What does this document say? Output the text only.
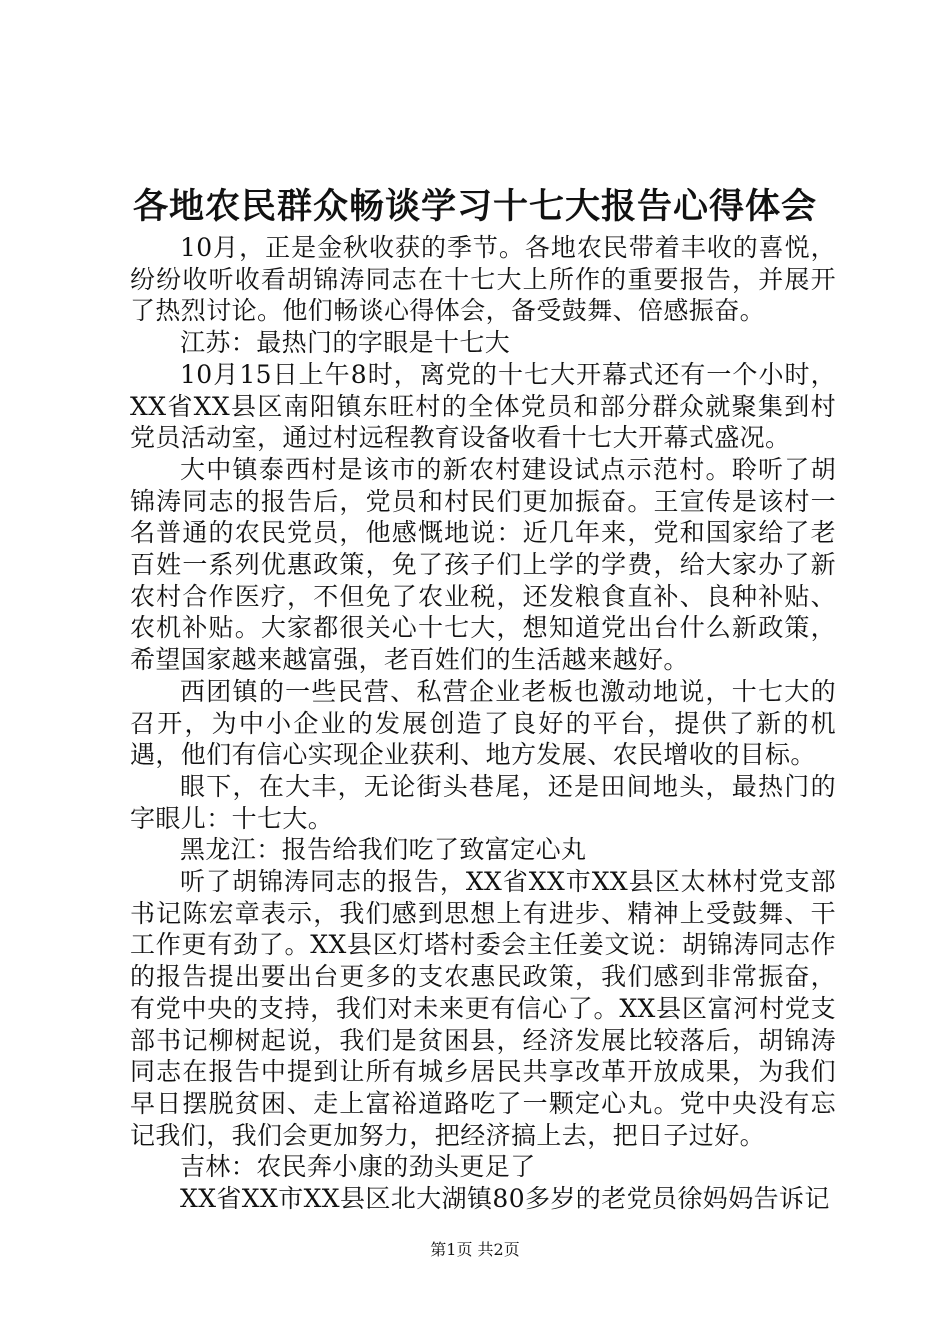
各地农民群众畅谈学习十七大报告心得体会

10月，正是金秋收获的季节。各地农民带着丰收的喜悦，纷纷收听收看胡锦涛同志在十七大上所作的重要报告，并展开了热烈讨论。他们畅谈心得体会，备受鼓舞、倍感振奋。

江苏：最热门的字眼是十七大

10月15日上午8时，离党的十七大开幕式还有一个小时，XX省XX县区南阳镇东旺村的全体党员和部分群众就聚集到村党员活动室，通过村远程教育设备收看十七大开幕式盛况。

大中镇泰西村是该市的新农村建设试点示范村。聆听了胡锦涛同志的报告后，党员和村民们更加振奋。王宣传是该村一名普通的农民党员，他感慨地说：近几年来，党和国家给了老百姓一系列优惠政策，免了孩子们上学的学费，给大家办了新农村合作医疗，不但免了农业税，还发粮食直补、良种补贴、农机补贴。大家都很关心十七大，想知道党出台什么新政策，希望国家越来越富强，老百姓们的生活越来越好。

西团镇的一些民营、私营企业老板也激动地说，十七大的召开，为中小企业的发展创造了良好的平台，提供了新的机遇，他们有信心实现企业获利、地方发展、农民增收的目标。

眼下，在大丰，无论街头巷尾，还是田间地头，最热门的字眼儿：十七大。

黑龙江：报告给我们吃了致富定心丸

听了胡锦涛同志的报告，XX省XX市XX县区太林村党支部书记陈宏章表示，我们感到思想上有进步、精神上受鼓舞、干工作更有劲了。XX县区灯塔村委会主任姜文说：胡锦涛同志作的报告提出要出台更多的支农惠民政策，我们感到非常振奋，有党中央的支持，我们对未来更有信心了。XX县区富河村党支部书记柳树起说，我们是贫困县，经济发展比较落后，胡锦涛同志在报告中提到让所有城乡居民共享改革开放成果，为我们早日摆脱贫困、走上富裕道路吃了一颗定心丸。党中央没有忘记我们，我们会更加努力，把经济搞上去，把日子过好。

吉林：农民奔小康的劲头更足了

XX省XX市XX县区北大湖镇80多岁的老党员徐妈妈告诉记

第1页 共2页
